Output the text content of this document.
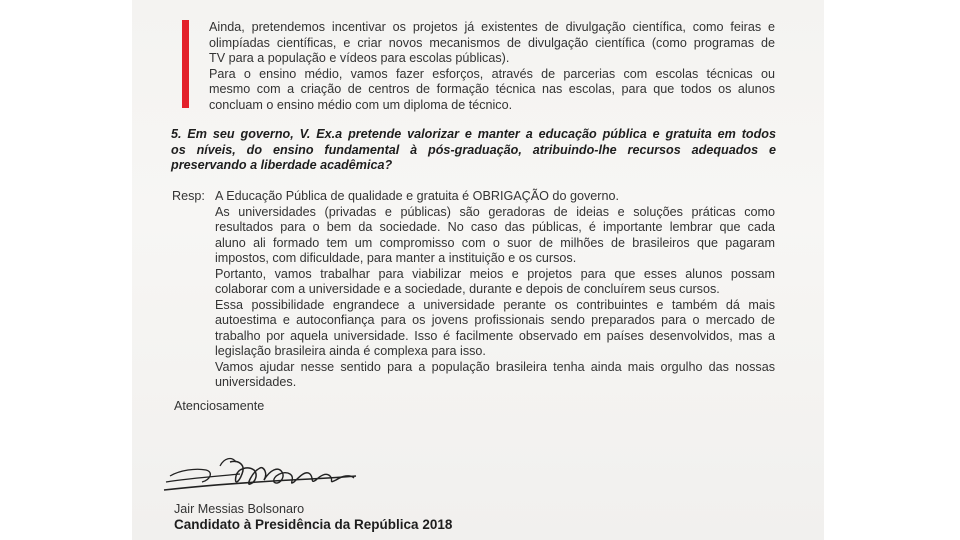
Ainda, pretendemos incentivar os projetos já existentes de divulgação científica, como feiras e

olimpíadas científicas, e criar novos mecanismos de divulgação científica (como programas de

TV para a população e vídeos para escolas públicas).

Para o ensino médio, vamos fazer esforços, através de parcerias com escolas técnicas ou

mesmo com a criação de centros de formação técnica nas escolas, para que todos os alunos

concluam o ensino médio com um diploma de técnico.

5. Em seu governo, V. Ex.a pretende valorizar e manter a educação pública e gratuita em todos

os níveis, do ensino fundamental à pós-graduação, atribuindo-lhe recursos adequados e

preservando a liberdade acadêmica?

Resp: A Educação Pública de qualidade e gratuita é OBRIGAÇÃO do governo.

As universidades (privadas e públicas) são geradoras de ideias e soluções práticas como

resultados para o bem da sociedade. No caso das públicas, é importante lembrar que cada

aluno ali formado tem um compromisso com o suor de milhões de brasileiros que pagaram

impostos, com dificuldade, para manter a instituição e os cursos.

Portanto, vamos trabalhar para viabilizar meios e projetos para que esses alunos possam

colaborar com a universidade e a sociedade, durante e depois de concluírem seus cursos.

Essa possibilidade engrandece a universidade perante os contribuintes e também dá mais

autoestima e autoconfiança para os jovens profissionais sendo preparados para o mercado de

trabalho por aquela universidade. Isso é facilmente observado em países desenvolvidos, mas a

legislação brasileira ainda é complexa para isso.

Vamos ajudar nesse sentido para a população brasileira tenha ainda mais orgulho das nossas

universidades.

Atenciosamente
Jair Messias Bolsonaro
Candidato à Presidência da República 2018
